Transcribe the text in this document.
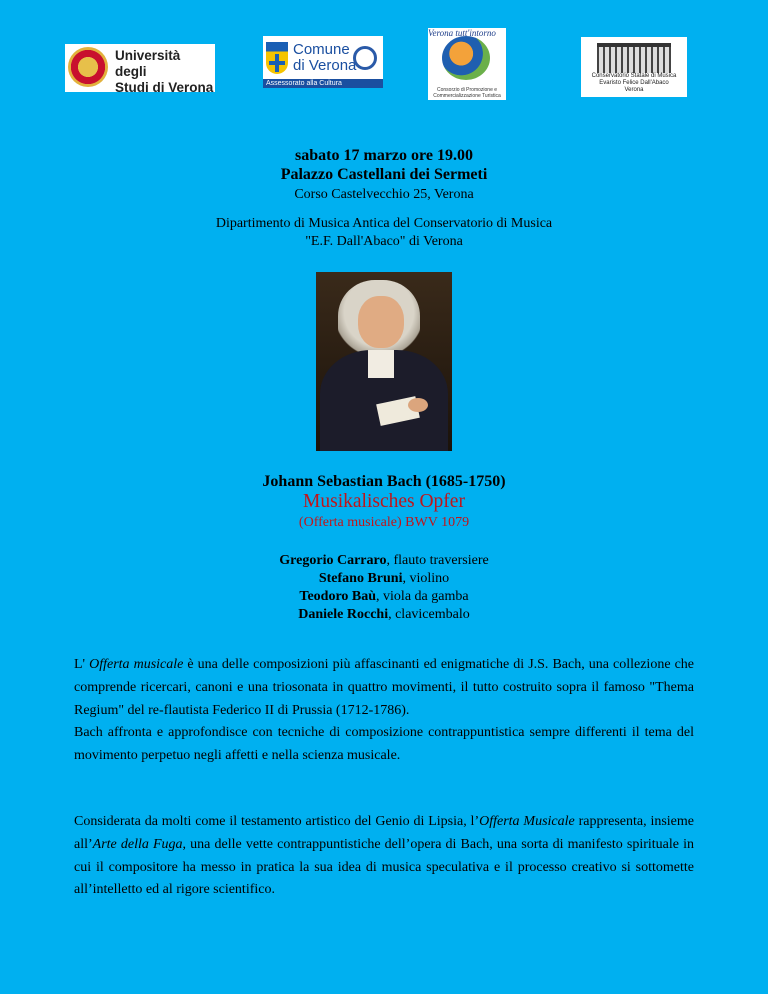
Università degli
Studi di Verona
Comune
di Verona
Assessorato alla Cultura
Verona tutt'intorno
Consorzio di Promozione e Commercializzazione Turistica
Conservatorio Statale di Musica
Evaristo Felice Dall'Abaco
Verona
sabato 17 marzo ore 19.00
Palazzo Castellani dei Sermeti
Corso Castelvecchio 25, Verona
Dipartimento di Musica Antica del Conservatorio di Musica
"E.F. Dall'Abaco" di Verona
Johann Sebastian Bach (1685-1750)
Musikalisches Opfer
(Offerta musicale) BWV 1079
Gregorio Carraro, flauto traversiere
Stefano Bruni, violino
Teodoro Baù, viola da gamba
Daniele Rocchi, clavicembalo

L' Offerta musicale è una delle composizioni più affascinanti ed enigmatiche di J.S. Bach, una collezione che comprende ricercari, canoni e una triosonata in quattro movimenti, il tutto costruito sopra il famoso "Thema Regium" del re-flautista Federico II di Prussia (1712-1786).

Bach affronta e approfondisce con tecniche di composizione contrappuntistica sempre differenti il tema del movimento perpetuo negli affetti e nella scienza musicale.

Considerata da molti come il testamento artistico del Genio di Lipsia, l’Offerta Musicale rappresenta, insieme all’Arte della Fuga, una delle vette contrappuntistiche dell’opera di Bach, una sorta di manifesto spirituale in cui il compositore ha messo in pratica la sua idea di musica speculativa e il processo creativo si sottomette all’intelletto ed al rigore scientifico.
